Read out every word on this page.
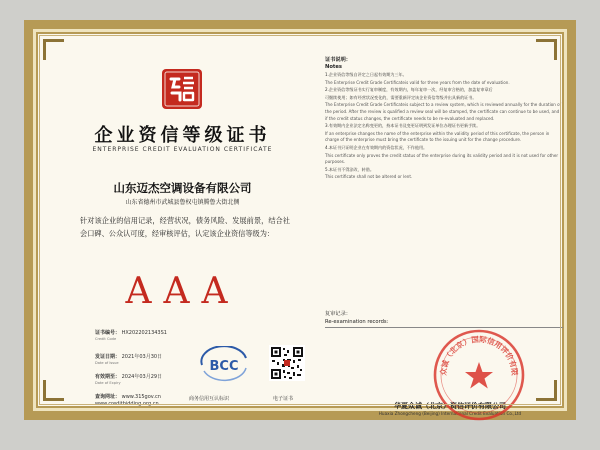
企业资信等级证书
ENTERPRISE CREDIT EVALUATION CERTIFICATE
山东迈杰空调设备有限公司
山东省德州市武城县鲁权屯镇腾鲁大街北侧
针对该企业的信用记录，经营状况，债务风险、发展前景，结合社会口碑、公众认可度，经审核评估，认定该企业资信等级为：
AAA
证书编号： HX2022021343S1
Credit Code
发证日期： 2021年03月30日
Date of Issue
有效期至： 2024年03月29日
Date of Expiry
查询网址： www.315gov.cn
www.creditbidding.org.cn
BCC
商务信用互认标识	电子证书
证书说明：
Notes
1.企业资信等级自评定之日起有效期为三年。
The Enterprise Credit Grade Certificateis valid for three years from the date of evaluation.
2.企业资信等级证书实行复审制度，有效期内，每年复审一次，经复审合格的，加盖复审章后
可继续使用；如有经营状况变化的，需要重新评定该企业资信等级并出具新的证书。
The Enterprise Credit Grade Certificateis subject to a review system, which is reviewed annually for the duration of the period. After the review is qualified a review seal will be stamped, the certificate can continue to be used, and if the credit status changes, the certificate needs to be re-evaluated and replaced.
3.有效期内企业法定名称变更的，持本证书及变更证明到发证单位办理证书更新手续。
If an enterprise changes the name of the enterprise within the validity period of this certificate, the person in charge of the enterprise must bring the certificate to the issuing unit for the change procedure.
4.本证书只证明企业在有效期内的资信状况，不作他用。
This certificate only proves the credit status of the enterprise during its validity period and it is not used for other purposes.
5.本证书不得涂改、转借。
This certificate shall not be altered or lent.
复审记录：
Re-examination records:
华夏众诚（北京）资信评价有限公司
Huaxia Zhongcheng (Beijing) International Credit Evaluation Co.,Ltd
众诚（北京）国际信用评价有限
